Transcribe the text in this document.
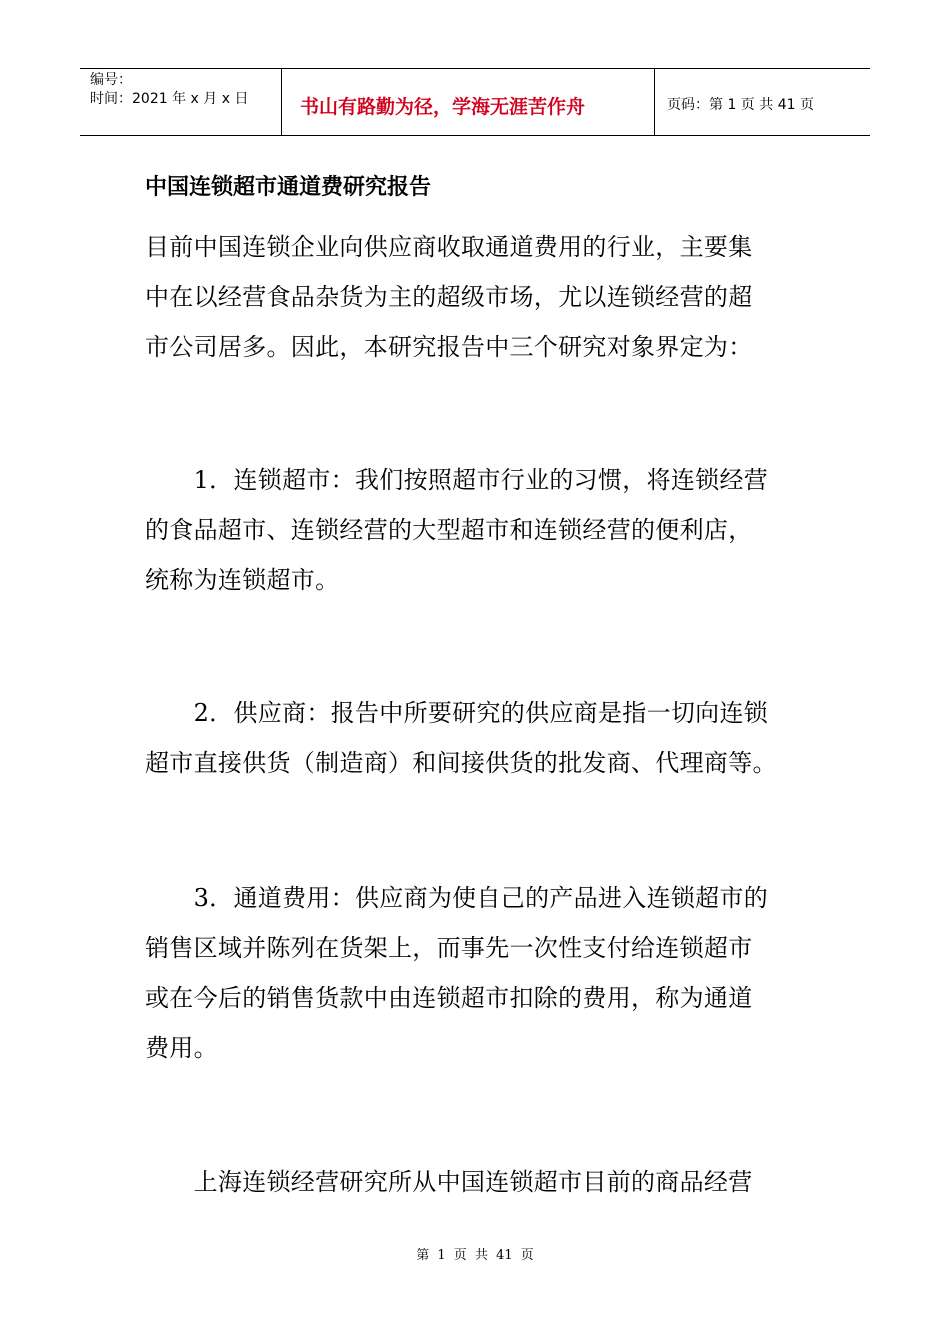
编号：
时间：2021 年 x 月 x 日	书山有路勤为径，学海无涯苦作舟	页码：第 1 页 共 41 页
中国连锁超市通道费研究报告

目前中国连锁企业向供应商收取通道费用的行业，主要集
中在以经营食品杂货为主的超级市场，尤以连锁经营的超
市公司居多。因此，本研究报告中三个研究对象界定为：

　　1．连锁超市：我们按照超市行业的习惯，将连锁经营
的食品超市、连锁经营的大型超市和连锁经营的便利店，
统称为连锁超市。

　　2．供应商：报告中所要研究的供应商是指一切向连锁
超市直接供货（制造商）和间接供货的批发商、代理商等。

　　3．通道费用：供应商为使自己的产品进入连锁超市的
销售区域并陈列在货架上，而事先一次性支付给连锁超市
或在今后的销售货款中由连锁超市扣除的费用，称为通道
费用。

　　上海连锁经营研究所从中国连锁超市目前的商品经营

第 1 页 共 41 页
